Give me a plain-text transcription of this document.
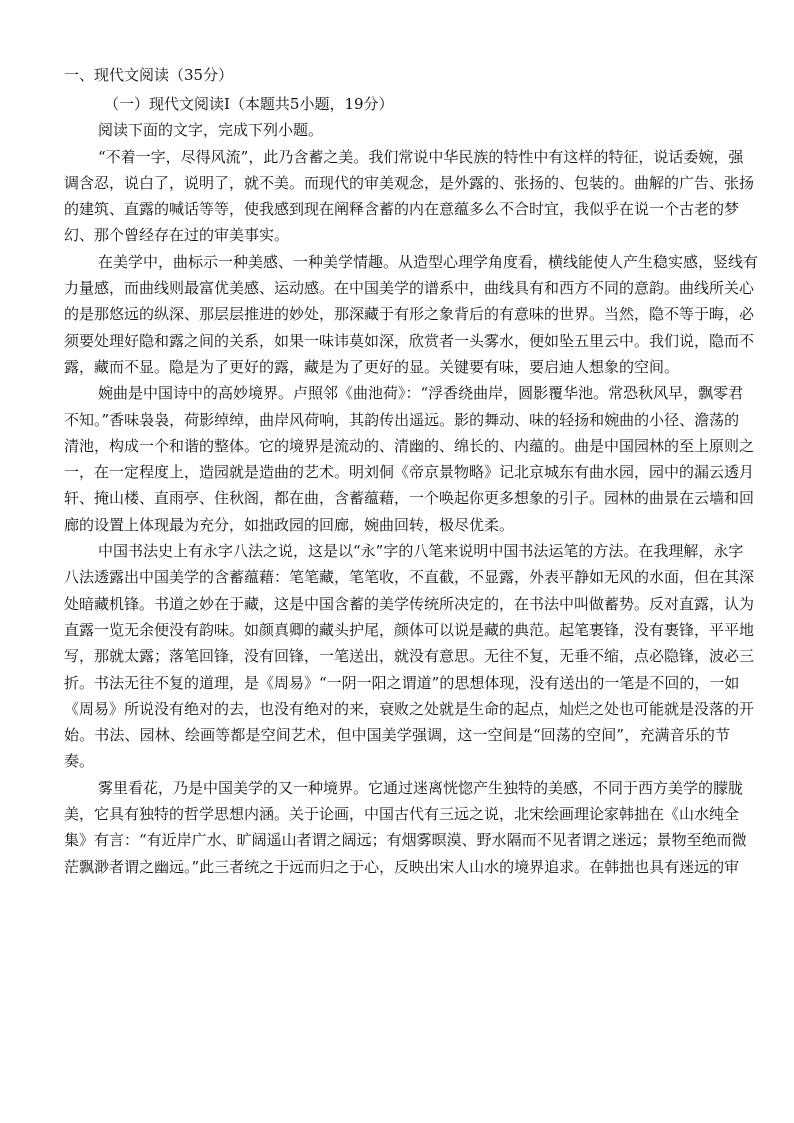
一、现代文阅读（35分）

（一）现代文阅读Ⅰ（本题共5小题，19分）

阅读下面的文字，完成下列小题。

“不着一字，尽得风流”，此乃含蓄之美。我们常说中华民族的特性中有这样的特征，说话委婉，强

调含忍，说白了，说明了，就不美。而现代的审美观念，是外露的、张扬的、包装的。曲解的广告、张扬

的建筑、直露的喊话等等，使我感到现在阐释含蓄的内在意蕴多么不合时宜，我似乎在说一个古老的梦

幻、那个曾经存在过的审美事实。

在美学中，曲标示一种美感、一种美学情趣。从造型心理学角度看，横线能使人产生稳实感，竖线有

力量感，而曲线则最富优美感、运动感。在中国美学的谱系中，曲线具有和西方不同的意韵。曲线所关心

的是那悠远的纵深、那层层推进的妙处，那深藏于有形之象背后的有意味的世界。当然，隐不等于晦，必

须要处理好隐和露之间的关系，如果一味讳莫如深，欣赏者一头雾水，便如坠五里云中。我们说，隐而不

露，藏而不显。隐是为了更好的露，藏是为了更好的显。关键要有味，要启迪人想象的空间。

婉曲是中国诗中的高妙境界。卢照邻《曲池荷》：“浮香绕曲岸，圆影覆华池。常恐秋风早，飘零君

不知。”香味袅袅，荷影绰绰，曲岸风荷响，其韵传出遥远。影的舞动、味的轻扬和婉曲的小径、澹荡的

清池，构成一个和谐的整体。它的境界是流动的、清幽的、绵长的、内蕴的。曲是中国园林的至上原则之

一，在一定程度上，造园就是造曲的艺术。明刘侗《帝京景物略》记北京城东有曲水园，园中的漏云透月

轩、掩山楼、直雨亭、住秋阁，都在曲，含蓄蕴藉，一个唤起你更多想象的引子。园林的曲景在云墙和回

廊的设置上体现最为充分，如拙政园的回廊，婉曲回转，极尽优柔。

中国书法史上有永字八法之说，这是以“永”字的八笔来说明中国书法运笔的方法。在我理解，永字

八法透露出中国美学的含蓄蕴藉：笔笔藏，笔笔收，不直截，不显露，外表平静如无风的水面，但在其深

处暗藏机锋。书道之妙在于藏，这是中国含蓄的美学传统所决定的，在书法中叫做蓄势。反对直露，认为

直露一览无余便没有韵味。如颜真卿的藏头护尾，颜体可以说是藏的典范。起笔裹锋，没有裹锋，平平地

写，那就太露；落笔回锋，没有回锋，一笔送出，就没有意思。无往不复，无垂不缩，点必隐锋，波必三

折。书法无往不复的道理，是《周易》“一阴一阳之谓道”的思想体现，没有送出的一笔是不回的，一如

《周易》所说没有绝对的去，也没有绝对的来，衰败之处就是生命的起点，灿烂之处也可能就是没落的开

始。书法、园林、绘画等都是空间艺术，但中国美学强调，这一空间是“回荡的空间”，充满音乐的节

奏。

雾里看花，乃是中国美学的又一种境界。它通过迷离恍惚产生独特的美感，不同于西方美学的朦胧

美，它具有独特的哲学思想内涵。关于论画，中国古代有三远之说，北宋绘画理论家韩拙在《山水纯全

集》有言：“有近岸广水、旷阔遥山者谓之阔远；有烟雾暝漠、野水隔而不见者谓之迷远；景物至绝而微

茫飘渺者谓之幽远。”此三者统之于远而归之于心，反映出宋人山水的境界追求。在韩拙也具有迷远的审
